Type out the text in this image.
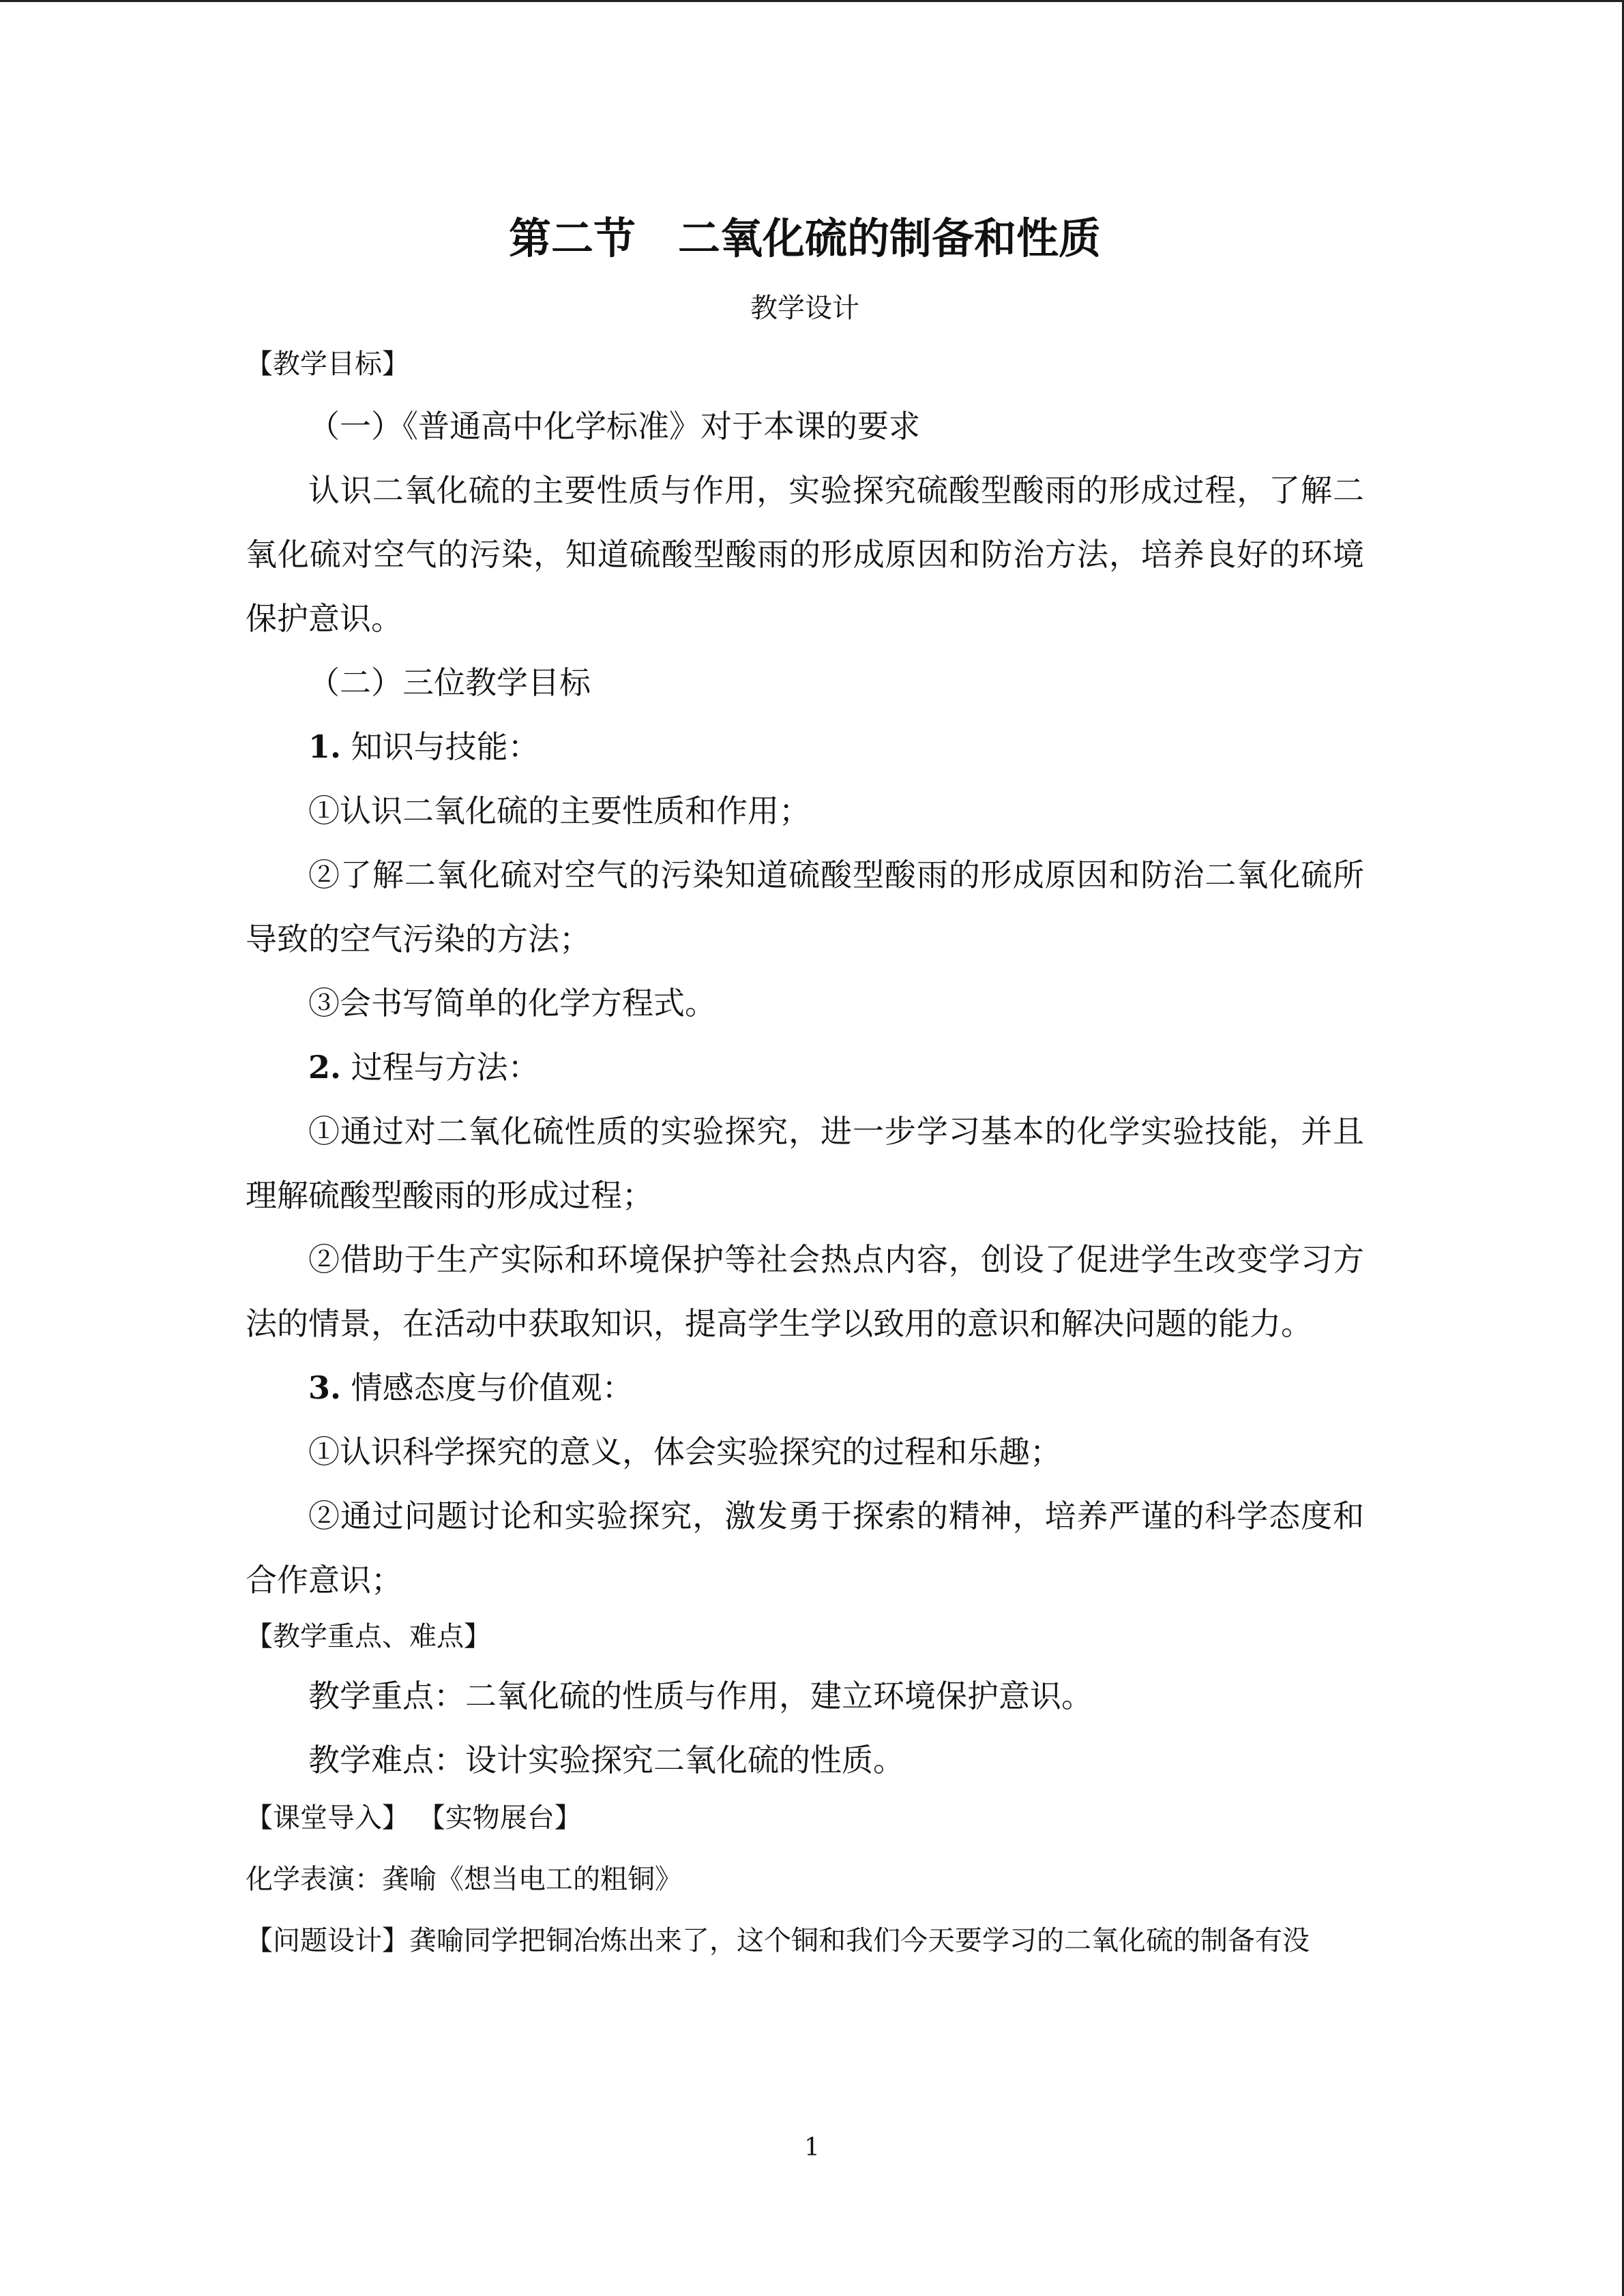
第二节　二氧化硫的制备和性质
教学设计
【教学目标】
（一）《普通高中化学标准》对于本课的要求
认识二氧化硫的主要性质与作用，实验探究硫酸型酸雨的形成过程，了解二氧化硫对空气的污染，知道硫酸型酸雨的形成原因和防治方法，培养良好的环境保护意识。
（二）三位教学目标
1. 知识与技能：
①认识二氧化硫的主要性质和作用；
②了解二氧化硫对空气的污染知道硫酸型酸雨的形成原因和防治二氧化硫所导致的空气污染的方法；
③会书写简单的化学方程式。
2. 过程与方法：
①通过对二氧化硫性质的实验探究，进一步学习基本的化学实验技能，并且理解硫酸型酸雨的形成过程；
②借助于生产实际和环境保护等社会热点内容，创设了促进学生改变学习方法的情景，在活动中获取知识，提高学生学以致用的意识和解决问题的能力。
3. 情感态度与价值观：
①认识科学探究的意义，体会实验探究的过程和乐趣；
②通过问题讨论和实验探究，激发勇于探索的精神，培养严谨的科学态度和合作意识；
【教学重点、难点】
教学重点：二氧化硫的性质与作用，建立环境保护意识。
教学难点：设计实验探究二氧化硫的性质。
【课堂导入】 【实物展台】
化学表演：龚喻《想当电工的粗铜》
【问题设计】龚喻同学把铜冶炼出来了，这个铜和我们今天要学习的二氧化硫的制备有没
1
